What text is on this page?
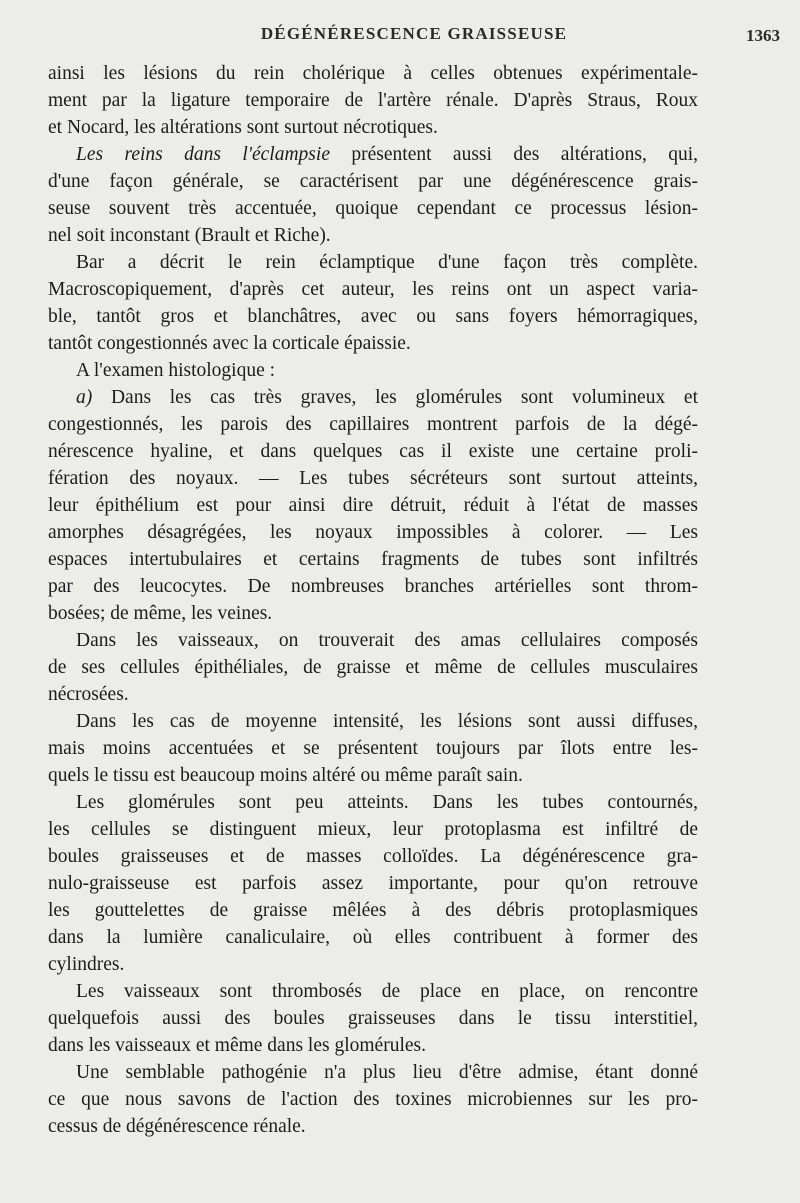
DÉGÉNÉRESCENCE GRAISSEUSE	1363

ainsi les lésions du rein cholérique à celles obtenues expérimentale-
ment par la ligature temporaire de l'artère rénale. D'après Straus, Roux
et Nocard, les altérations sont surtout nécrotiques.

Les reins dans l'éclampsie présentent aussi des altérations, qui,
d'une façon générale, se caractérisent par une dégénérescence grais-
seuse souvent très accentuée, quoique cependant ce processus lésion-
nel soit inconstant (Brault et Riche).

Bar a décrit le rein éclamptique d'une façon très complète.
Macroscopiquement, d'après cet auteur, les reins ont un aspect varia-
ble, tantôt gros et blanchâtres, avec ou sans foyers hémorragiques,
tantôt congestionnés avec la corticale épaissie.

A l'examen histologique :

a) Dans les cas très graves, les glomérules sont volumineux et
congestionnés, les parois des capillaires montrent parfois de la dégé-
nérescence hyaline, et dans quelques cas il existe une certaine proli-
fération des noyaux. — Les tubes sécréteurs sont surtout atteints,
leur épithélium est pour ainsi dire détruit, réduit à l'état de masses
amorphes désagrégées, les noyaux impossibles à colorer. — Les
espaces intertubulaires et certains fragments de tubes sont infiltrés
par des leucocytes. De nombreuses branches artérielles sont throm-
bosées; de même, les veines.

Dans les vaisseaux, on trouverait des amas cellulaires composés
de ses cellules épithéliales, de graisse et même de cellules musculaires
nécrosées.

Dans les cas de moyenne intensité, les lésions sont aussi diffuses,
mais moins accentuées et se présentent toujours par îlots entre les-
quels le tissu est beaucoup moins altéré ou même paraît sain.

Les glomérules sont peu atteints. Dans les tubes contournés,
les cellules se distinguent mieux, leur protoplasma est infiltré de
boules graisseuses et de masses colloïdes. La dégénérescence gra-
nulo-graisseuse est parfois assez importante, pour qu'on retrouve
les gouttelettes de graisse mêlées à des débris protoplasmiques
dans la lumière canaliculaire, où elles contribuent à former des
cylindres.

Les vaisseaux sont thrombosés de place en place, on rencontre
quelquefois aussi des boules graisseuses dans le tissu interstitiel,
dans les vaisseaux et même dans les glomérules.

Une semblable pathogénie n'a plus lieu d'être admise, étant donné
ce que nous savons de l'action des toxines microbiennes sur les pro-
cessus de dégénérescence rénale.
